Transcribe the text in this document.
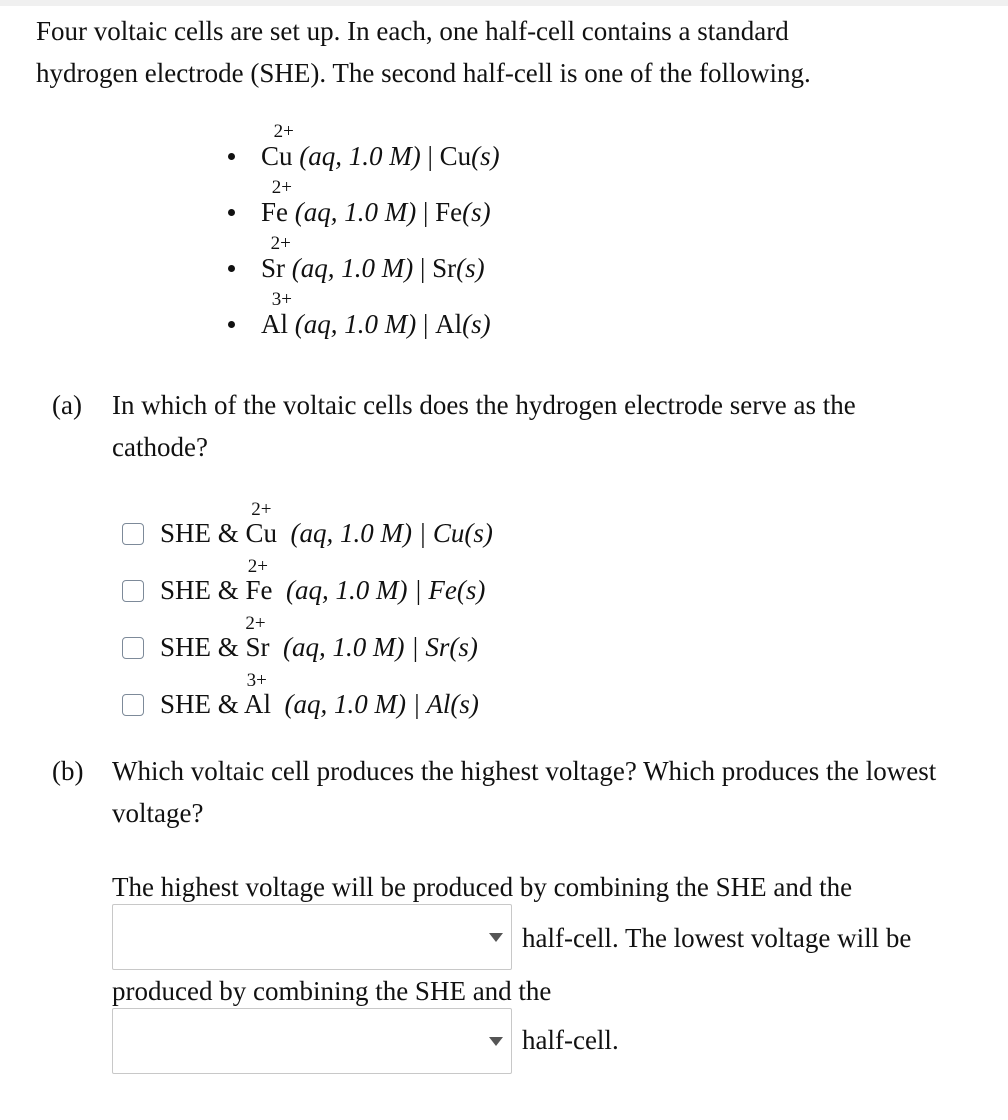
Four voltaic cells are set up. In each, one half-cell contains a standard
hydrogen electrode (SHE). The second half-cell is one of the following.
Cu
2+
(aq, 1.0 M) | Cu(s)
Fe
2+
(aq, 1.0 M) | Fe(s)
Sr
2+
(aq, 1.0 M) | Sr(s)
Al
3+
(aq, 1.0 M) | Al(s)
(a) In which of the voltaic cells does the hydrogen electrode serve as the cathode?
SHE & Cu
2+
(aq, 1.0 M) | Cu(s)
SHE & Fe
2+
(aq, 1.0 M) | Fe(s)
SHE & Sr
2+
(aq, 1.0 M) | Sr(s)
SHE & Al
3+
(aq, 1.0 M) | Al(s)
(b) Which voltaic cell produces the highest voltage? Which produces the lowest voltage?
The highest voltage will be produced by combining the SHE and the
half-cell. The lowest voltage will be
produced by combining the SHE and the
half-cell.
